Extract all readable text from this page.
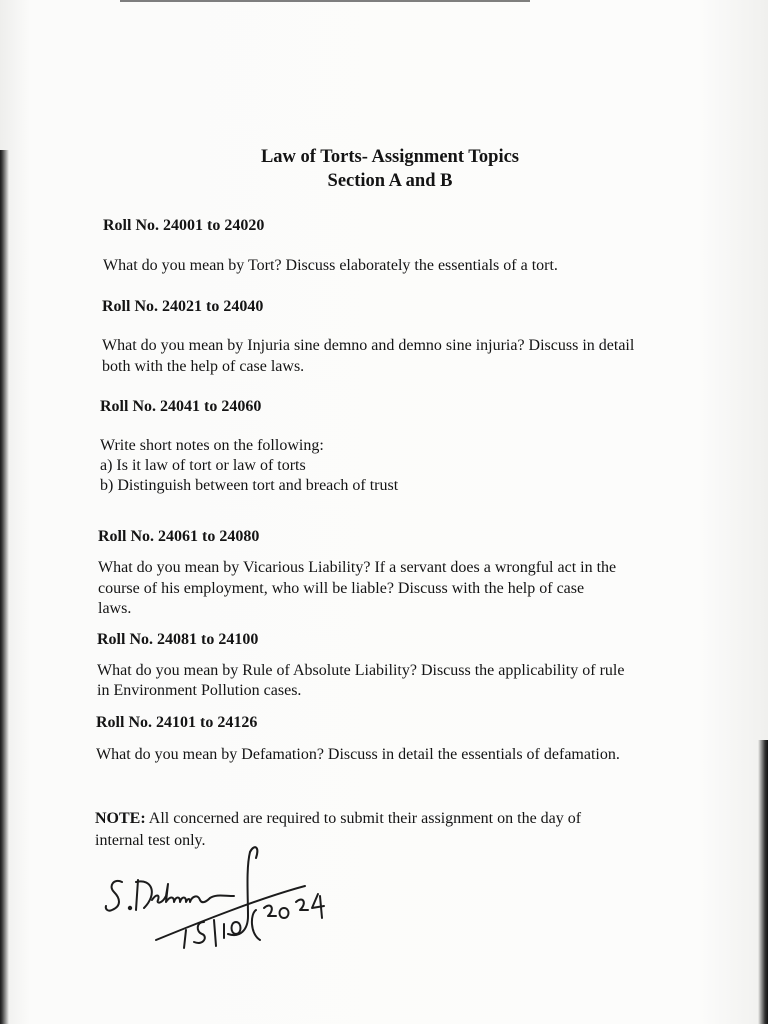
Law of Torts- Assignment Topics
Section A and B
Roll No. 24001 to 24020
What do you mean by Tort? Discuss elaborately the essentials of a tort.
Roll No. 24021 to 24040
What do you mean by Injuria sine demno and demno sine injuria? Discuss in detail
both with the help of case laws.
Roll No. 24041 to 24060
Write short notes on the following:
a) Is it law of tort or law of torts
b) Distinguish between tort and breach of trust
Roll No. 24061 to 24080
What do you mean by Vicarious Liability? If a servant does a wrongful act in the
course of his employment, who will be liable? Discuss with the help of case
laws.
Roll No. 24081 to 24100
What do you mean by Rule of Absolute Liability? Discuss the applicability of rule
in Environment Pollution cases.
Roll No. 24101 to 24126
What do you mean by Defamation? Discuss in detail the essentials of defamation.
NOTE: All concerned are required to submit their assignment on the day of
internal test only.
